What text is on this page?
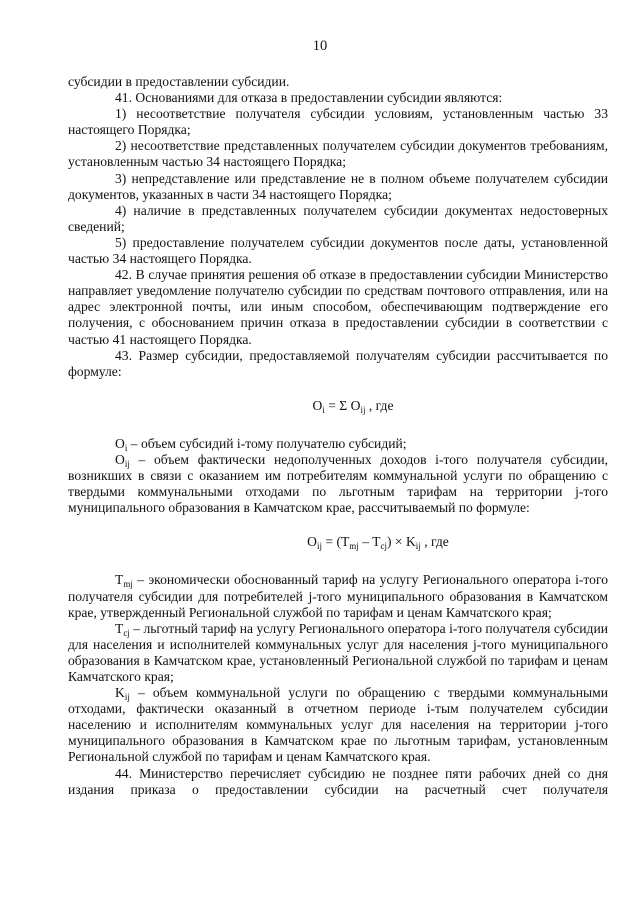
10

субсидии в предоставлении субсидии.

41. Основаниями для отказа в предоставлении субсидии являются:

1) несоответствие получателя субсидии условиям, установленным частью 33 настоящего Порядка;

2) несоответствие представленных получателем субсидии документов требованиям, установленным частью 34 настоящего Порядка;

3) непредставление или представление не в полном объеме получателем субсидии документов, указанных в части 34 настоящего Порядка;

4) наличие в представленных получателем субсидии документах недостоверных сведений;

5) предоставление получателем субсидии документов после даты, установленной частью 34 настоящего Порядка.

42. В случае принятия решения об отказе в предоставлении субсидии Министерство направляет уведомление получателю субсидии по средствам почтового отправления, или на адрес электронной почты, или иным способом, обеспечивающим подтверждение его получения, с обоснованием причин отказа в предоставлении субсидии в соответствии с частью 41 настоящего Порядка.

43. Размер субсидии, предоставляемой получателям субсидии рассчитывается по формуле:

$O_i = \Sigma$ $O_{ij}$ , где

$O_i$ – объем субсидий i-тому получателю субсидий;

$O_{ij}$ – объем фактически недополученных доходов i-того получателя субсидии, возникших в связи с оказанием им потребителям коммунальной услуги по обращению с твердыми коммунальными отходами по льготным тарифам на территории j-того муниципального образования в Камчатском крае, рассчитываемый по формуле:

$O_{ij} = (T_{mj} - T_{cj}) \times K_{ij}$ , где

$T_{mj}$ – экономически обоснованный тариф на услугу Регионального оператора i-того получателя субсидии для потребителей j-того муниципального образования в Камчатском крае, утвержденный Региональной службой по тарифам и ценам Камчатского края;

$T_{cj}$ – льготный тариф на услугу Регионального оператора i-того получателя субсидии для населения и исполнителей коммунальных услуг для населения j-того муниципального образования в Камчатском крае, установленный Региональной службой по тарифам и ценам Камчатского края;

$K_{ij}$ – объем коммунальной услуги по обращению с твердыми коммунальными отходами, фактически оказанный в отчетном периоде i-тым получателем субсидии населению и исполнителям коммунальных услуг для населения на территории j-того муниципального образования в Камчатском крае по льготным тарифам, установленным Региональной службой по тарифам и ценам Камчатского края.

44. Министерство перечисляет субсидию не позднее пяти рабочих дней со дня издания приказа о предоставлении субсидии на расчетный счет получателя
